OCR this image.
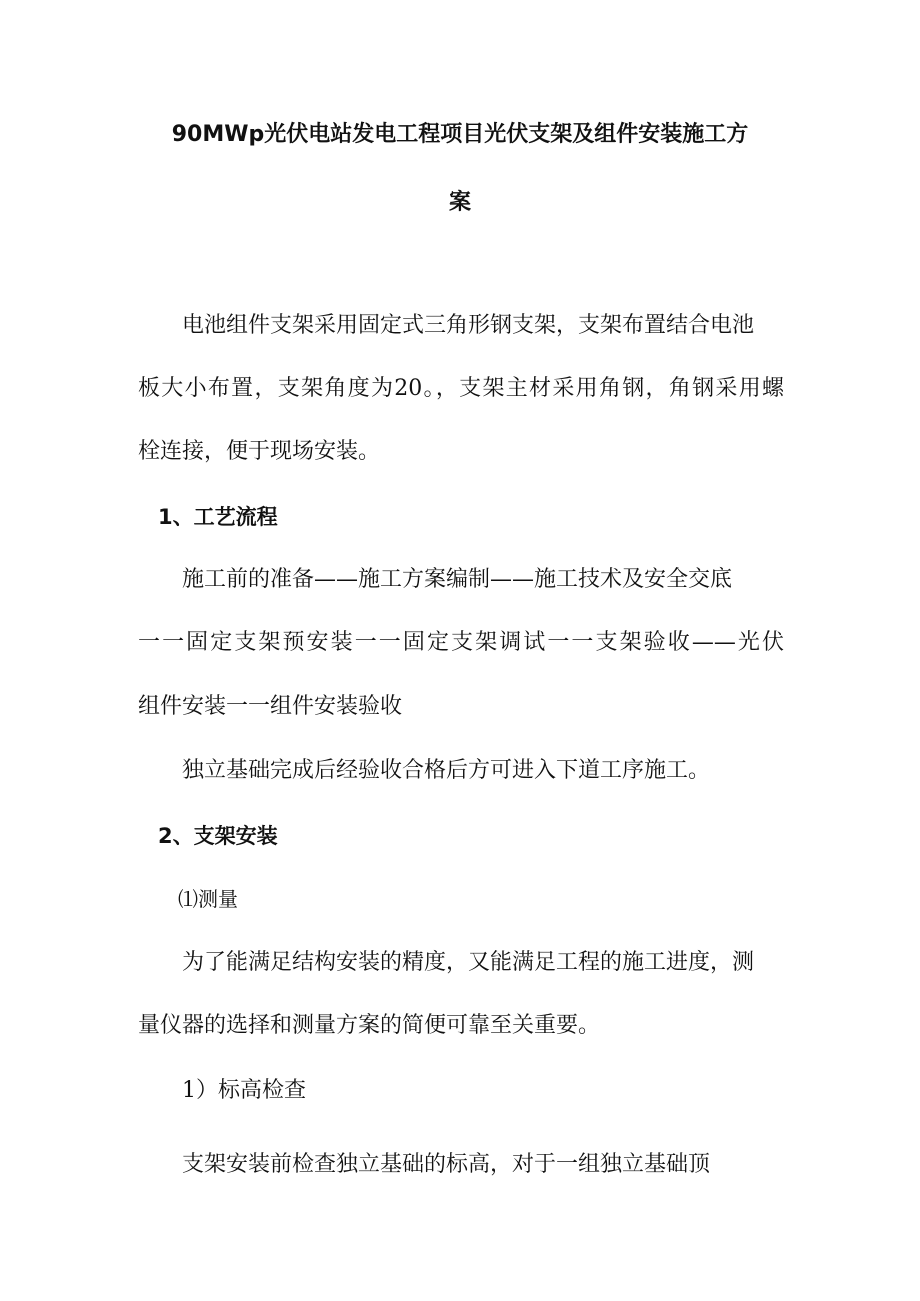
90MWp光伏电站发电工程项目光伏支架及组件安装施工方
案
电池组件支架采用固定式三角形钢支架，支架布置结合电池
板大小布置，支架角度为20。，支架主材采用角钢，角钢采用螺
栓连接，便于现场安装。
1、工艺流程
施工前的准备——施工方案编制——施工技术及安全交底
一一固定支架预安装一一固定支架调试一一支架验收——光伏
组件安装一一组件安装验收
独立基础完成后经验收合格后方可进入下道工序施工。
2、支架安装
⑴测量
为了能满足结构安装的精度，又能满足工程的施工进度，测
量仪器的选择和测量方案的简便可靠至关重要。
1）标高检查
支架安装前检查独立基础的标高，对于一组独立基础顶
